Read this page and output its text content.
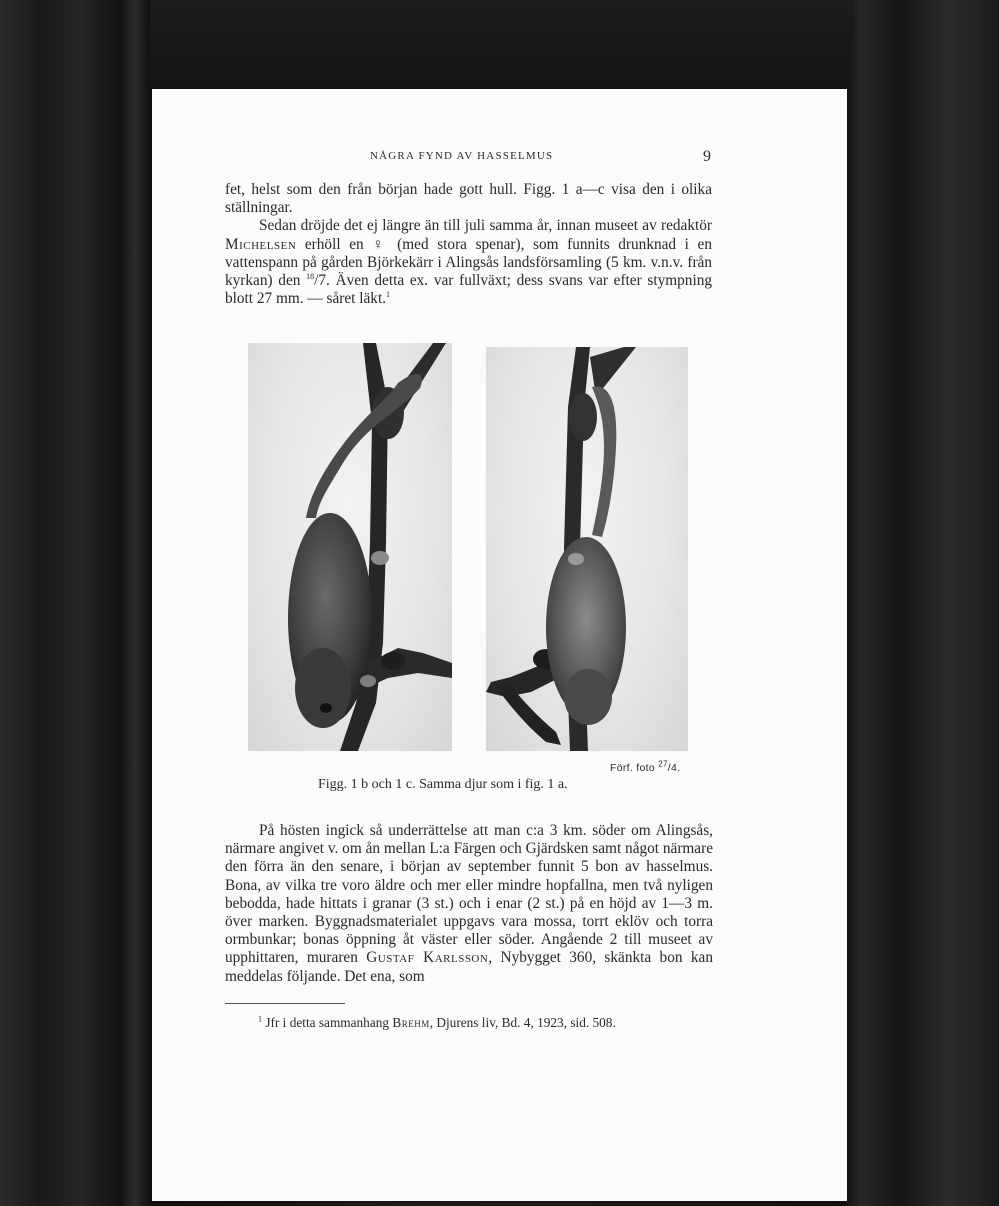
NÅGRA FYND AV HASSELMUS	9

fet, helst som den från början hade gott hull. Figg. 1 a—c visa den i olika ställningar.

Sedan dröjde det ej längre än till juli samma år, innan museet av redaktör Michelsen erhöll en ♀ (med stora spenar), som funnits drunknad i en vattenspann på gården Björkekärr i Alingsås landsförsamling (5 km. v.n.v. från kyrkan) den $^{18}$/7. Även detta ex. var fullväxt; dess svans var efter stympning blott 27 mm. — såret läkt.$^1$

Förf. foto $^{27}$/4.
Figg. 1 b och 1 c. Samma djur som i fig. 1 a.

På hösten ingick så underrättelse att man c:a 3 km. söder om Alingsås, närmare angivet v. om ån mellan L:a Färgen och Gjärdsken samt något närmare den förra än den senare, i början av september funnit 5 bon av hasselmus. Bona, av vilka tre voro äldre och mer eller mindre hopfallna, men två nyligen bebodda, hade hittats i granar (3 st.) och i enar (2 st.) på en höjd av 1—3 m. över marken. Byggnadsmaterialet uppgavs vara mossa, torrt eklöv och torra ormbunkar; bonas öppning åt väster eller söder. Angående 2 till museet av upphittaren, muraren Gustaf Karlsson, Nybygget 360, skänkta bon kan meddelas följande. Det ena, som

$^1$ Jfr i detta sammanhang Brehm, Djurens liv, Bd. 4, 1923, sid. 508.
